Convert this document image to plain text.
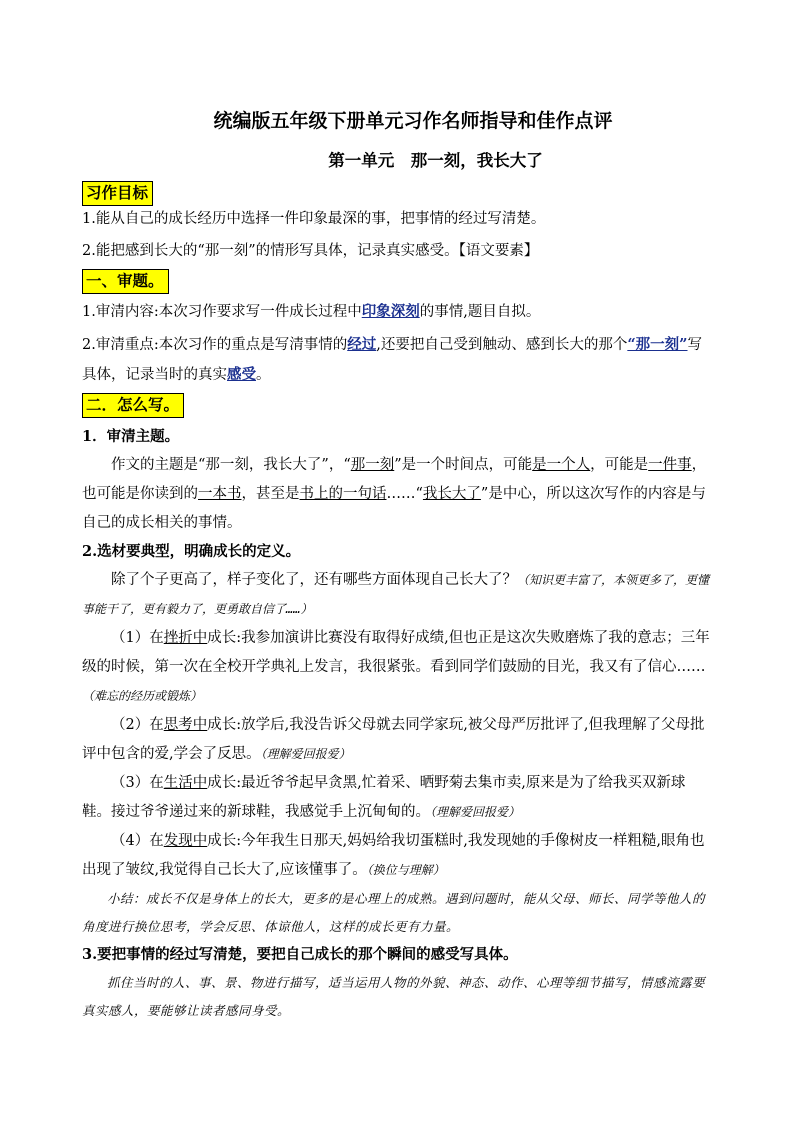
统编版五年级下册单元习作名师指导和佳作点评
第一单元　那一刻，我长大了
习作目标

1.能从自己的成长经历中选择一件印象最深的事，把事情的经过写清楚。

2.能把感到长大的“那一刻”的情形写具体，记录真实感受。【语文要素】

一、审题。

1.审清内容:本次习作要求写一件成长过程中印象深刻的事情,题目自拟。

2.审清重点:本次习作的重点是写清事情的经过,还要把自己受到触动、感到长大的那个“那一刻”写具体，记录当时的真实感受。

二．怎么写。

1．审清主题。

作文的主题是“那一刻，我长大了”，“那一刻”是一个时间点，可能是一个人，可能是一件事，也可能是你读到的一本书，甚至是书上的一句话……“我长大了”是中心，所以这次写作的内容是与自己的成长相关的事情。

2.选材要典型，明确成长的定义。

除了个子更高了，样子变化了，还有哪些方面体现自己长大了？（知识更丰富了，本领更多了，更懂事能干了，更有毅力了，更勇敢自信了……）

（1）在挫折中成长:我参加演讲比赛没有取得好成绩,但也正是这次失败磨炼了我的意志；三年级的时候，第一次在全校开学典礼上发言，我很紧张。看到同学们鼓励的目光，我又有了信心……（难忘的经历或锻炼）

（2）在思考中成长:放学后,我没告诉父母就去同学家玩,被父母严厉批评了,但我理解了父母批评中包含的爱,学会了反思。（理解爱回报爱）

（3）在生活中成长:最近爷爷起早贪黑,忙着采、晒野菊去集市卖,原来是为了给我买双新球鞋。接过爷爷递过来的新球鞋，我感觉手上沉甸甸的。（理解爱回报爱）

（4）在发现中成长:今年我生日那天,妈妈给我切蛋糕时,我发现她的手像树皮一样粗糙,眼角也出现了皱纹,我觉得自己长大了,应该懂事了。（换位与理解）

小结：成长不仅是身体上的长大，更多的是心理上的成熟。遇到问题时，能从父母、师长、同学等他人的角度进行换位思考，学会反思、体谅他人，这样的成长更有力量。

3.要把事情的经过写清楚，要把自己成长的那个瞬间的感受写具体。

抓住当时的人、事、景、物进行描写，适当运用人物的外貌、神态、动作、心理等细节描写，情感流露要真实感人，要能够让读者感同身受。
